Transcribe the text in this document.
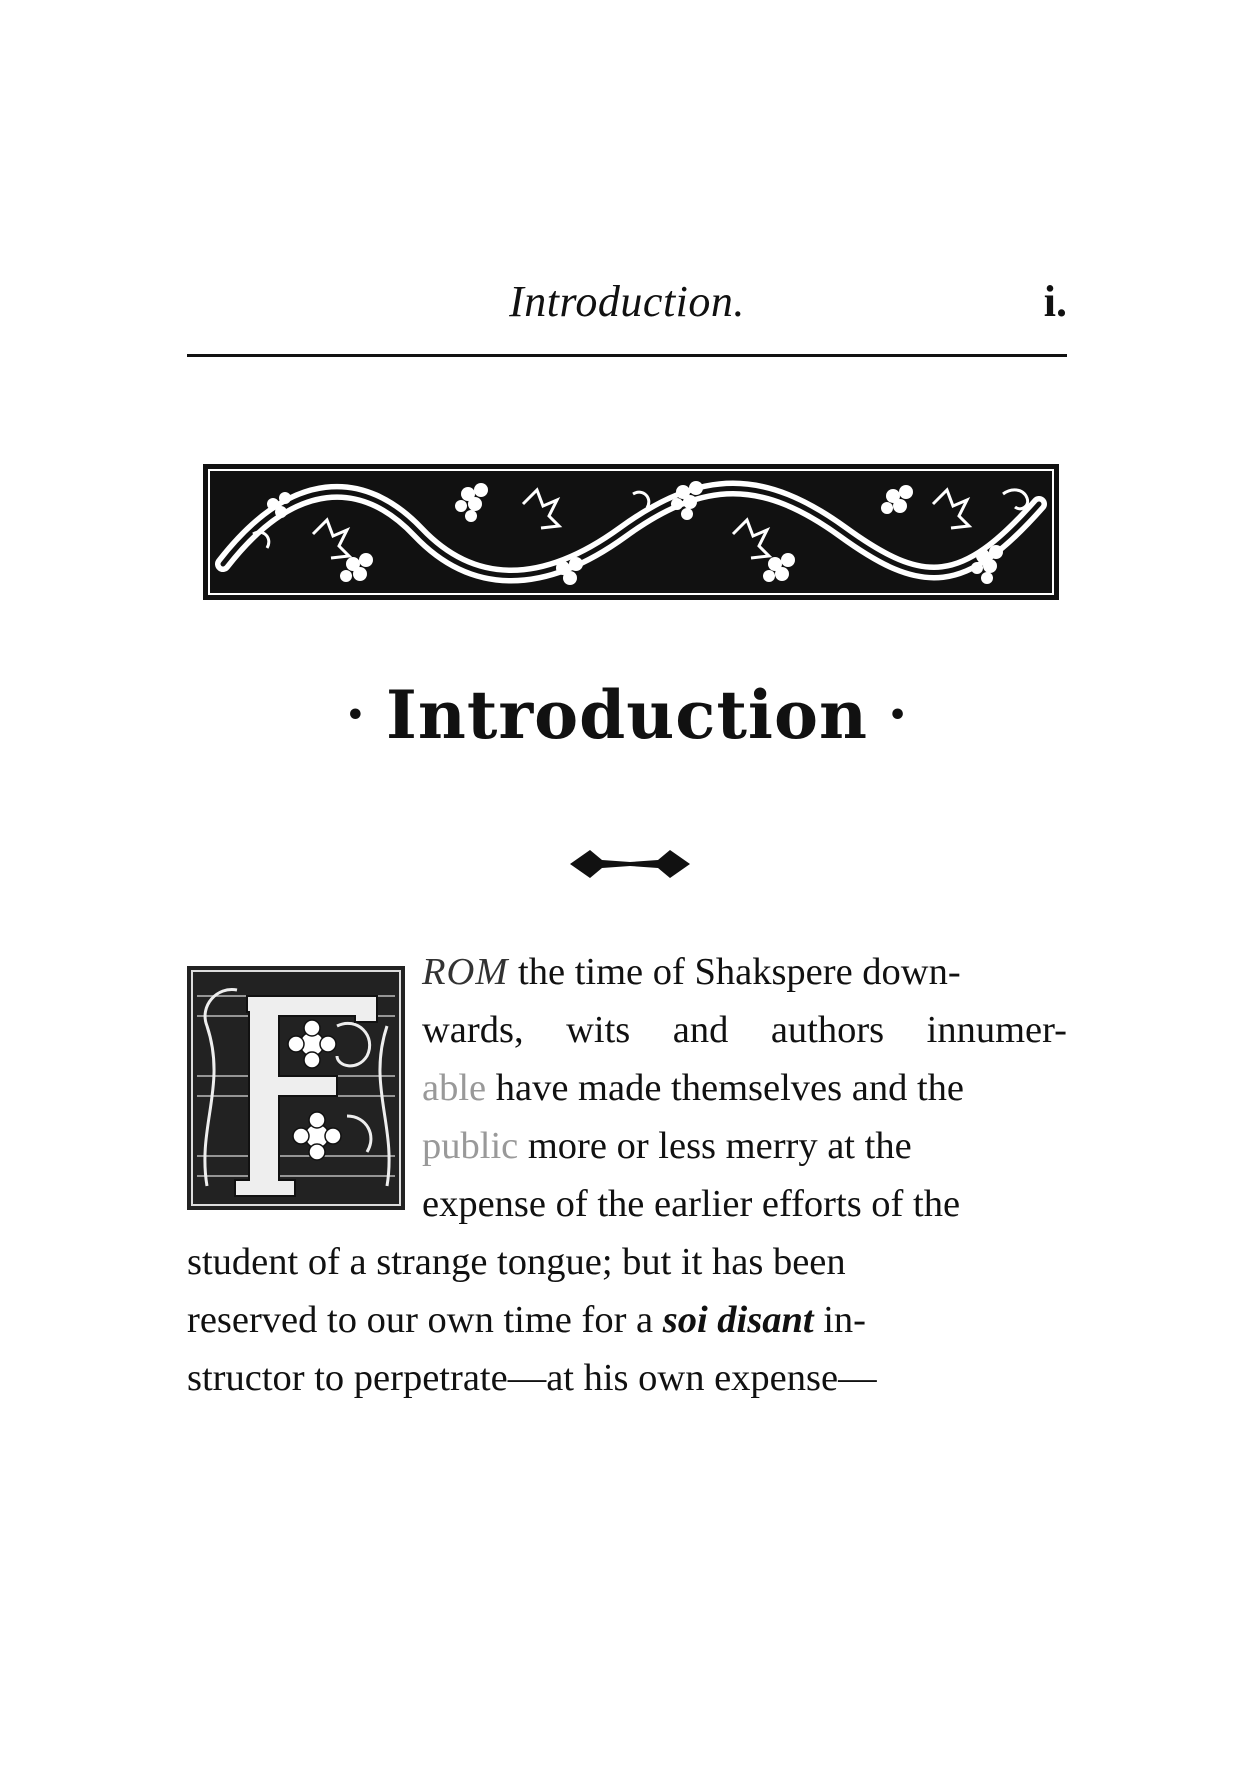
Introduction.	i.
• Introduction •
ROM the time of Shakspere down-
wards, wits and authors innumer-
able have made themselves and the
public more or less merry at the
expense of the earlier efforts of the
student of a strange tongue; but it has been
reserved to our own time for a soi disant in-
structor to perpetrate—at his own expense—
